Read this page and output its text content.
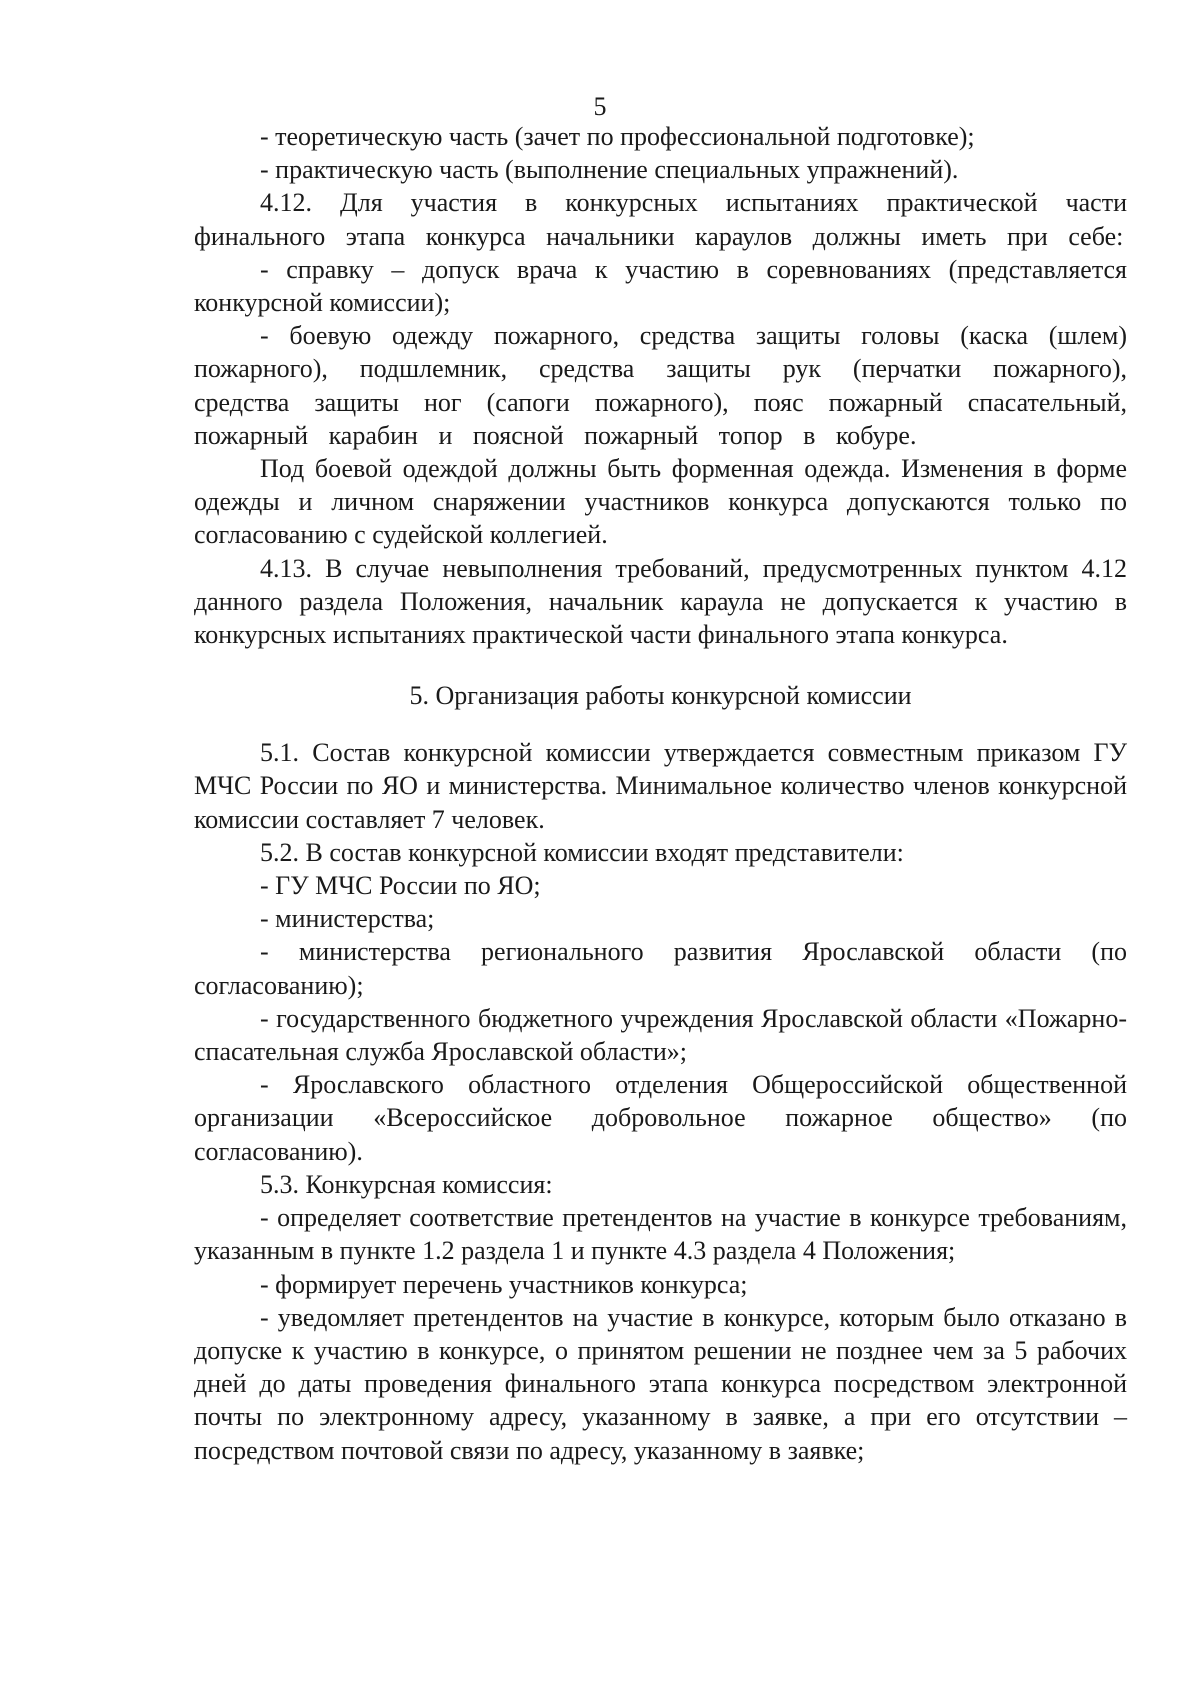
5

- теоретическую часть (зачет по профессиональной подготовке);

- практическую часть (выполнение специальных упражнений).

4.12. Для участия в конкурсных испытаниях практической части финального этапа конкурса начальники караулов должны иметь при себе:

- справку – допуск врача к участию в соревнованиях (представляется конкурсной комиссии);

- боевую одежду пожарного, средства защиты головы (каска (шлем) пожарного), подшлемник, средства защиты рук (перчатки пожарного), средства защиты ног (сапоги пожарного), пояс пожарный спасательный, пожарный карабин и поясной пожарный топор в кобуре.

Под боевой одеждой должны быть форменная одежда. Изменения в форме одежды и личном снаряжении участников конкурса допускаются только по согласованию с судейской коллегией.

4.13. В случае невыполнения требований, предусмотренных пунктом 4.12 данного раздела Положения, начальник караула не допускается к участию в конкурсных испытаниях практической части финального этапа конкурса.

5. Организация работы конкурсной комиссии

5.1. Состав конкурсной комиссии утверждается совместным приказом ГУ МЧС России по ЯО и министерства. Минимальное количество членов конкурсной комиссии составляет 7 человек.

5.2. В состав конкурсной комиссии входят представители:

- ГУ МЧС России по ЯО;

- министерства;

- министерства регионального развития Ярославской области (по согласованию);

- государственного бюджетного учреждения Ярославской области «Пожарно-спасательная служба Ярославской области»;

- Ярославского областного отделения Общероссийской общественной организации «Всероссийское добровольное пожарное общество» (по согласованию).

5.3. Конкурсная комиссия:

- определяет соответствие претендентов на участие в конкурсе требованиям, указанным в пункте 1.2 раздела 1 и пункте 4.3 раздела 4 Положения;

- формирует перечень участников конкурса;

- уведомляет претендентов на участие в конкурсе, которым было отказано в допуске к участию в конкурсе, о принятом решении не позднее чем за 5 рабочих дней до даты проведения финального этапа конкурса посредством электронной почты по электронному адресу, указанному в заявке, а при его отсутствии – посредством почтовой связи по адресу, указанному в заявке;
